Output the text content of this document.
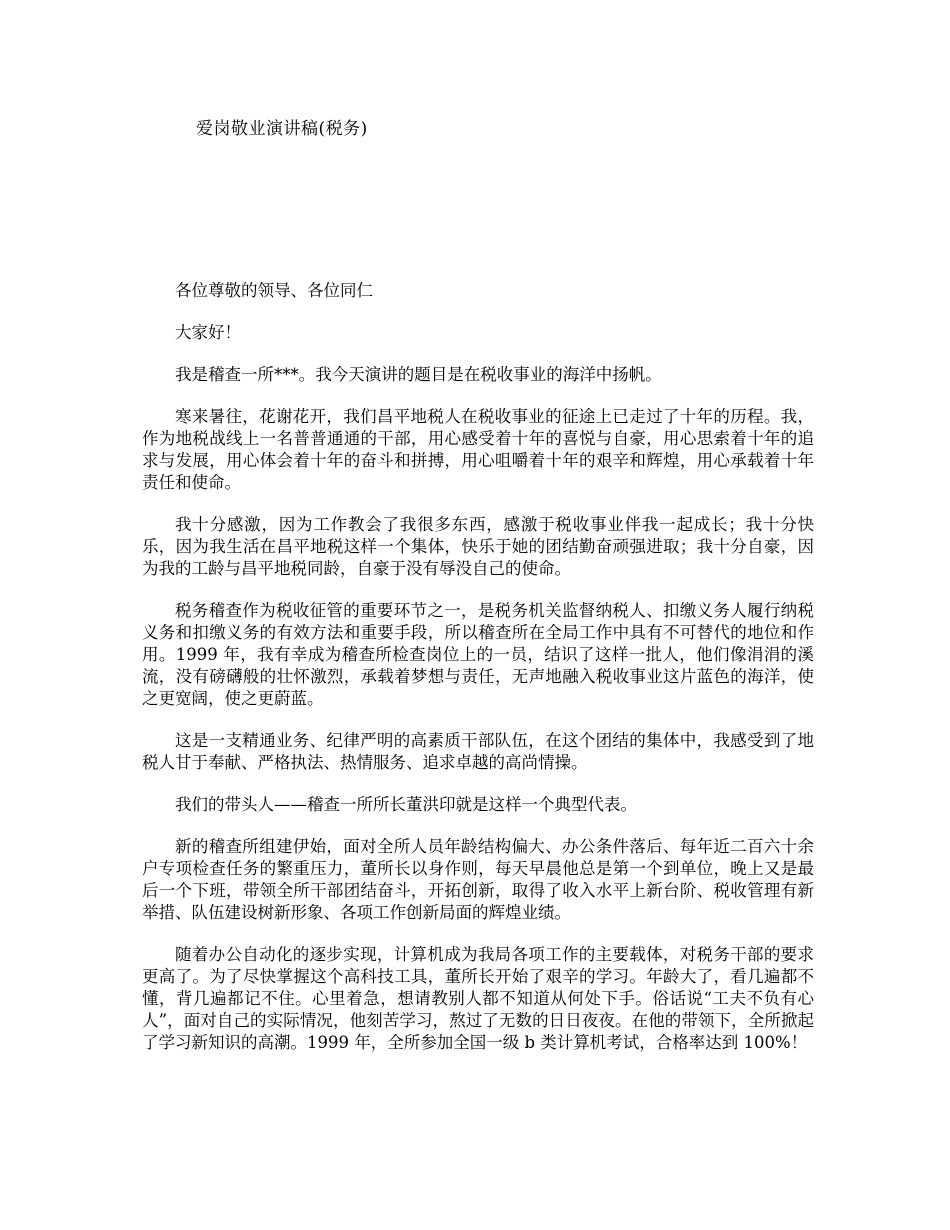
爱岗敬业演讲稿(税务)

各位尊敬的领导、各位同仁

大家好！

我是稽查一所***。我今天演讲的题目是在税收事业的海洋中扬帆。

寒来暑往，花谢花开，我们昌平地税人在税收事业的征途上已走过了十年的历程。我，作为地税战线上一名普普通通的干部，用心感受着十年的喜悦与自豪，用心思索着十年的追求与发展，用心体会着十年的奋斗和拼搏，用心咀嚼着十年的艰辛和辉煌，用心承载着十年责任和使命。

我十分感激，因为工作教会了我很多东西，感激于税收事业伴我一起成长；我十分快乐，因为我生活在昌平地税这样一个集体，快乐于她的团结勤奋顽强进取；我十分自豪，因为我的工龄与昌平地税同龄，自豪于没有辱没自己的使命。

税务稽查作为税收征管的重要环节之一，是税务机关监督纳税人、扣缴义务人履行纳税义务和扣缴义务的有效方法和重要手段，所以稽查所在全局工作中具有不可替代的地位和作用。1999 年，我有幸成为稽查所检查岗位上的一员，结识了这样一批人，他们像涓涓的溪流，没有磅礴般的壮怀激烈，承载着梦想与责任，无声地融入税收事业这片蓝色的海洋，使之更宽阔，使之更蔚蓝。

这是一支精通业务、纪律严明的高素质干部队伍，在这个团结的集体中，我感受到了地税人甘于奉献、严格执法、热情服务、追求卓越的高尚情操。

我们的带头人——稽查一所所长董洪印就是这样一个典型代表。

新的稽查所组建伊始，面对全所人员年龄结构偏大、办公条件落后、每年近二百六十余户专项检查任务的繁重压力，董所长以身作则，每天早晨他总是第一个到单位，晚上又是最后一个下班，带领全所干部团结奋斗，开拓创新，取得了收入水平上新台阶、税收管理有新举措、队伍建设树新形象、各项工作创新局面的辉煌业绩。

随着办公自动化的逐步实现，计算机成为我局各项工作的主要载体，对税务干部的要求更高了。为了尽快掌握这个高科技工具，董所长开始了艰辛的学习。年龄大了，看几遍都不懂，背几遍都记不住。心里着急，想请教别人都不知道从何处下手。俗话说“工夫不负有心人”，面对自己的实际情况，他刻苦学习，熬过了无数的日日夜夜。在他的带领下，全所掀起了学习新知识的高潮。1999 年，全所参加全国一级 b 类计算机考试，合格率达到 100%！
